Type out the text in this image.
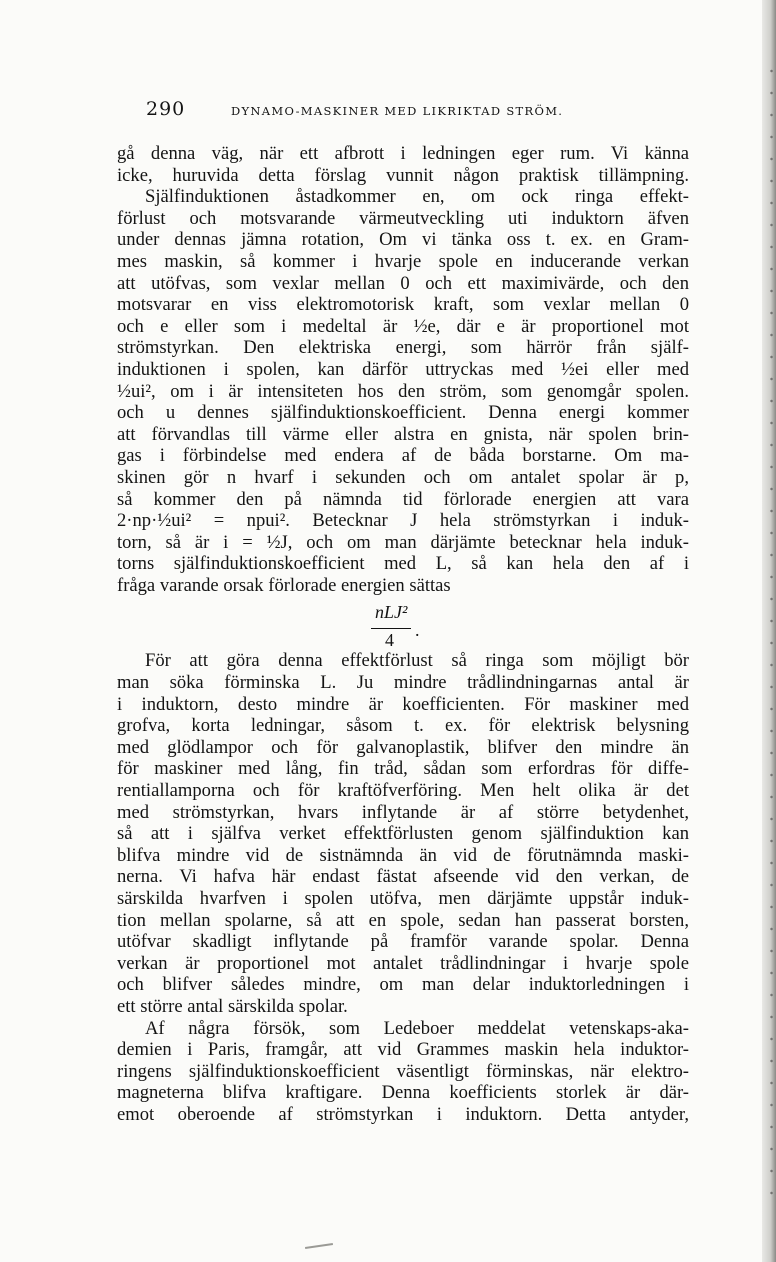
290	DYNAMO-MASKINER MED LIKRIKTAD STRÖM.
gå denna väg, när ett afbrott i ledningen eger rum. Vi känna
icke, huruvida detta förslag vunnit någon praktisk tillämpning.
Själfinduktionen åstadkommer en, om ock ringa effekt-
förlust och motsvarande värmeutveckling uti induktorn äfven
under dennas jämna rotation, Om vi tänka oss t. ex. en Gram-
mes maskin, så kommer i hvarje spole en inducerande verkan
att utöfvas, som vexlar mellan 0 och ett maximivärde, och den
motsvarar en viss elektromotorisk kraft, som vexlar mellan 0
och e eller som i medeltal är ½e, där e är proportionel mot
strömstyrkan. Den elektriska energi, som härrör från själf-
induktionen i spolen, kan därför uttryckas med ½ei eller med
½ui², om i är intensiteten hos den ström, som genomgår spolen.
och u dennes själfinduktionskoefficient. Denna energi kommer
att förvandlas till värme eller alstra en gnista, när spolen brin-
gas i förbindelse med endera af de båda borstarne. Om ma-
skinen gör n hvarf i sekunden och om antalet spolar är p,
så kommer den på nämnda tid förlorade energien att vara
2·np·½ui² = npui². Betecknar J hela strömstyrkan i induk-
torn, så är i = ½J, och om man därjämte betecknar hela induk-
torns själfinduktionskoefficient med L, så kan hela den af i
fråga varande orsak förlorade energien sättas
nLJ²
4 .
För att göra denna effektförlust så ringa som möjligt bör
man söka förminska L. Ju mindre trådlindningarnas antal är
i induktorn, desto mindre är koefficienten. För maskiner med
grofva, korta ledningar, såsom t. ex. för elektrisk belysning
med glödlampor och för galvanoplastik, blifver den mindre än
för maskiner med lång, fin tråd, sådan som erfordras för diffe-
rentiallamporna och för kraftöfverföring. Men helt olika är det
med strömstyrkan, hvars inflytande är af större betydenhet,
så att i själfva verket effektförlusten genom själfinduktion kan
blifva mindre vid de sistnämnda än vid de förutnämnda maski-
nerna. Vi hafva här endast fästat afseende vid den verkan, de
särskilda hvarfven i spolen utöfva, men därjämte uppstår induk-
tion mellan spolarne, så att en spole, sedan han passerat borsten,
utöfvar skadligt inflytande på framför varande spolar. Denna
verkan är proportionel mot antalet trådlindningar i hvarje spole
och blifver således mindre, om man delar induktorledningen i
ett större antal särskilda spolar.
Af några försök, som Ledeboer meddelat vetenskaps-aka-
demien i Paris, framgår, att vid Grammes maskin hela induktor-
ringens själfinduktionskoefficient väsentligt förminskas, när elektro-
magneterna blifva kraftigare. Denna koefficients storlek är där-
emot oberoende af strömstyrkan i induktorn. Detta antyder,
